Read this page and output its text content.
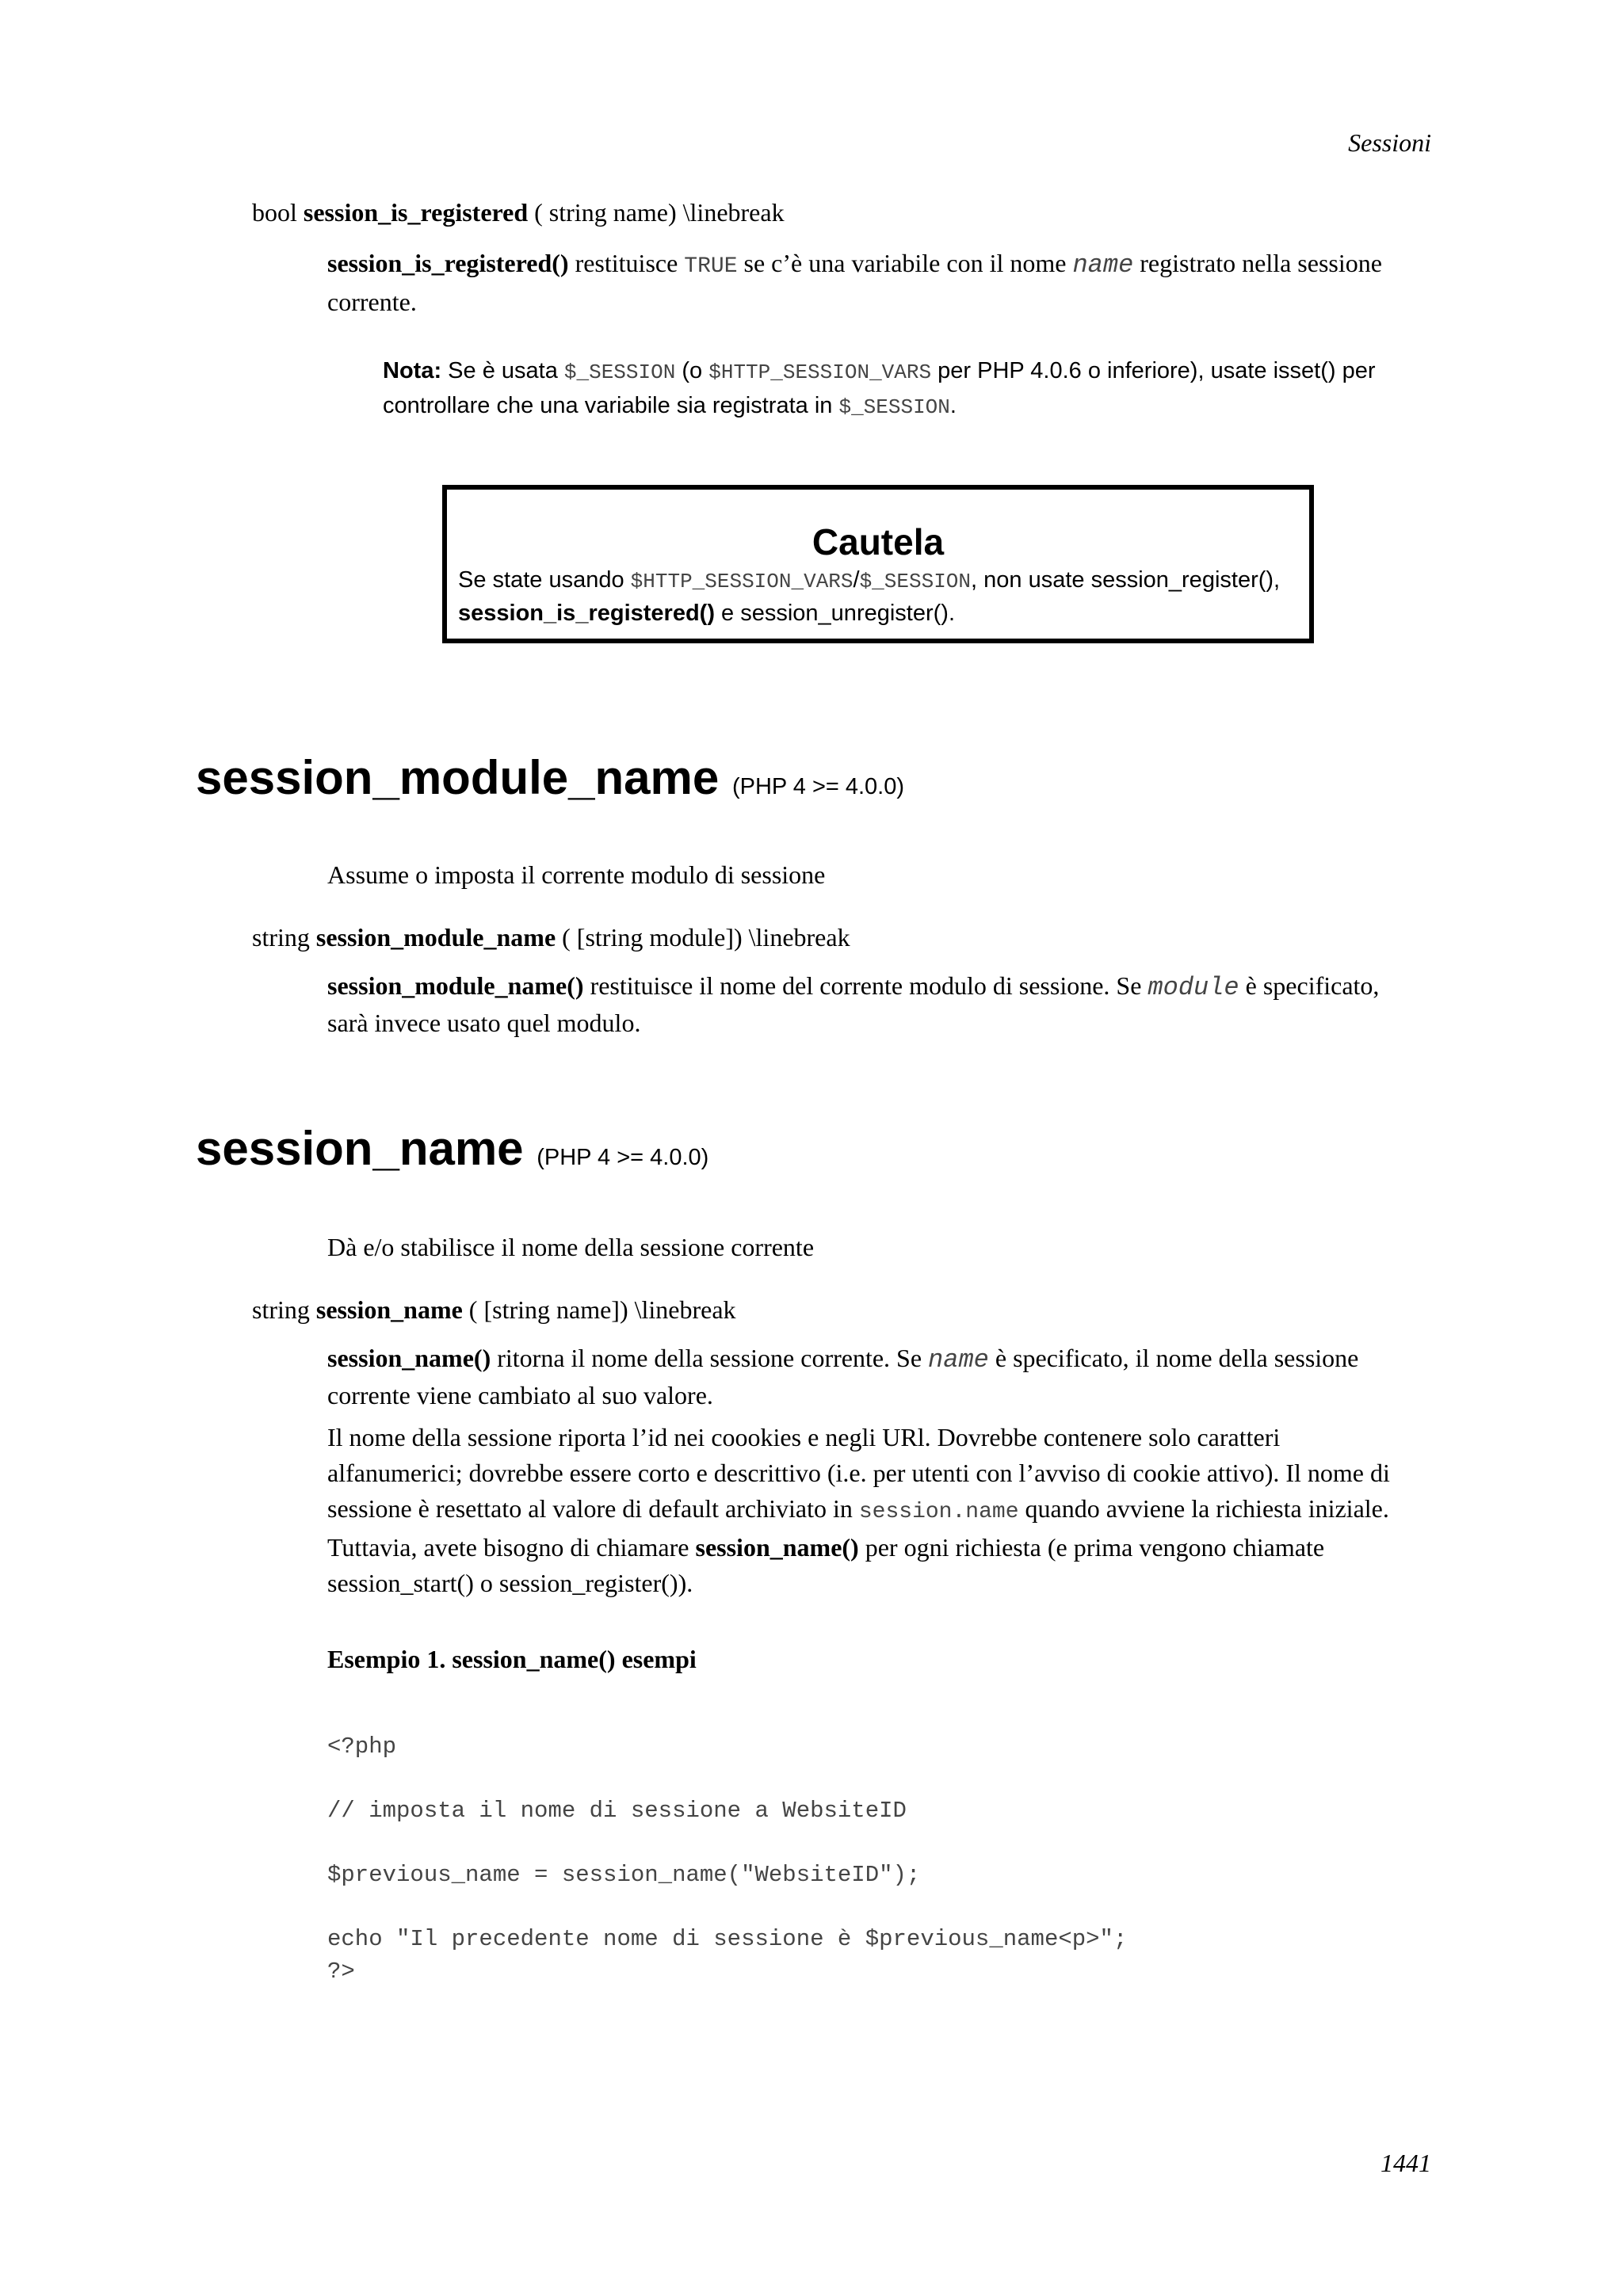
Sessioni
bool session_is_registered ( string name) \linebreak
session_is_registered() restituisce TRUE se c’è una variabile con il nome name registrato nella sessione corrente.
Nota: Se è usata $_SESSION (o $HTTP_SESSION_VARS per PHP 4.0.6 o inferiore), usate isset() per controllare che una variabile sia registrata in $_SESSION.
Cautela
Se state usando $HTTP_SESSION_VARS/$_SESSION, non usate session_register(), session_is_registered() e session_unregister().
session_module_name (PHP 4 >= 4.0.0)
Assume o imposta il corrente modulo di sessione
string session_module_name ( [string module]) \linebreak
session_module_name() restituisce il nome del corrente modulo di sessione. Se module è specificato, sarà invece usato quel modulo.
session_name (PHP 4 >= 4.0.0)
Dà e/o stabilisce il nome della sessione corrente
string session_name ( [string name]) \linebreak
session_name() ritorna il nome della sessione corrente. Se name è specificato, il nome della sessione corrente viene cambiato al suo valore.
Il nome della sessione riporta l’id nei coookies e negli URl. Dovrebbe contenere solo caratteri alfanumerici; dovrebbe essere corto e descrittivo (i.e. per utenti con l’avviso di cookie attivo). Il nome di sessione è resettato al valore di default archiviato in session.name quando avviene la richiesta iniziale. Tuttavia, avete bisogno di chiamare session_name() per ogni richiesta (e prima vengono chiamate session_start() o session_register()).
Esempio 1. session_name() esempi
<?php

// imposta il nome di sessione a WebsiteID

$previous_name = session_name("WebsiteID");

echo "Il precedente nome di sessione è $previous_name<p>";
?>
1441
